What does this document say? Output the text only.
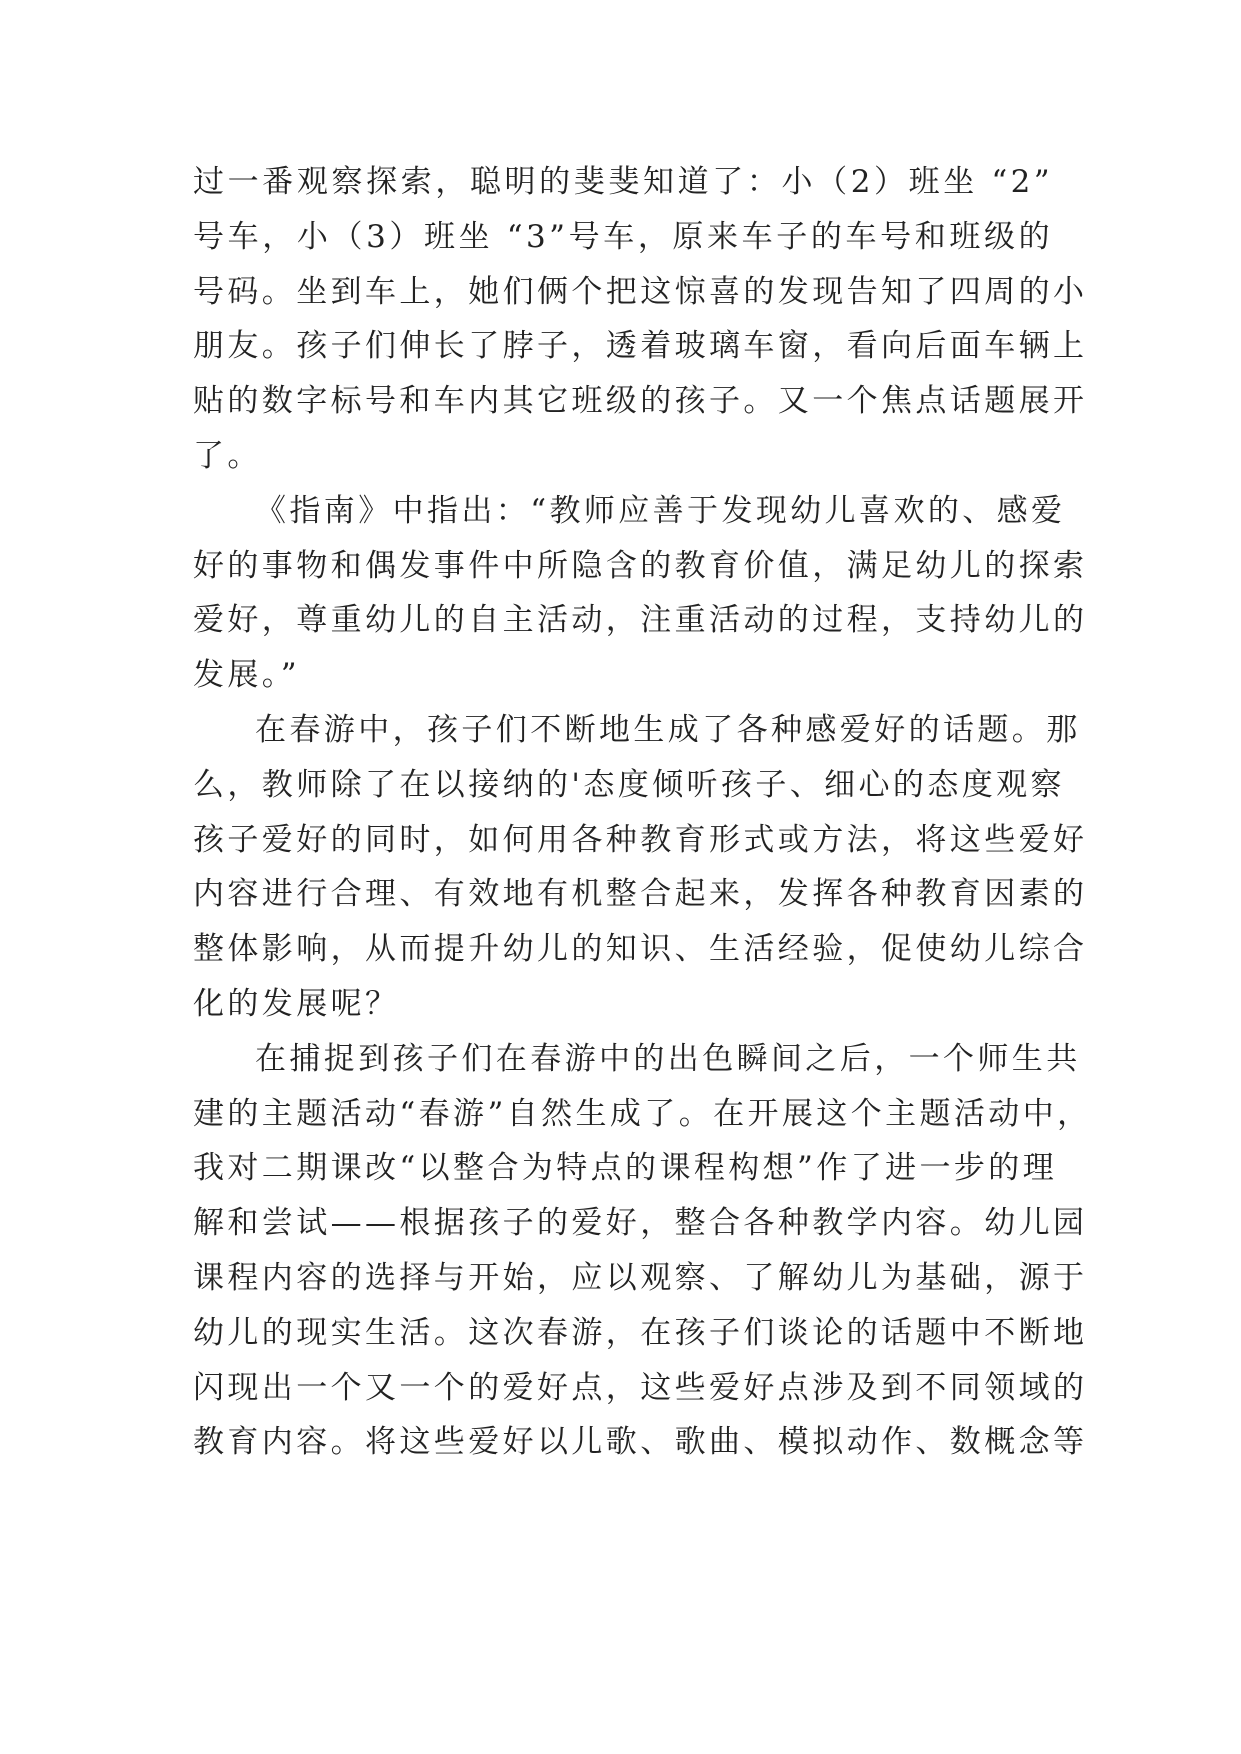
过一番观察探索，聪明的斐斐知道了：小（2）班坐 “2”
号车，小（3）班坐 “3”号车，原来车子的车号和班级的
号码。坐到车上，她们俩个把这惊喜的发现告知了四周的小
朋友。孩子们伸长了脖子，透着玻璃车窗，看向后面车辆上
贴的数字标号和车内其它班级的孩子。又一个焦点话题展开
了。
《指南》中指出：“教师应善于发现幼儿喜欢的、感爱
好的事物和偶发事件中所隐含的教育价值，满足幼儿的探索
爱好，尊重幼儿的自主活动，注重活动的过程，支持幼儿的
发展。”
在春游中，孩子们不断地生成了各种感爱好的话题。那
么，教师除了在以接纳的'态度倾听孩子、细心的态度观察
孩子爱好的同时，如何用各种教育形式或方法，将这些爱好
内容进行合理、有效地有机整合起来，发挥各种教育因素的
整体影响，从而提升幼儿的知识、生活经验，促使幼儿综合
化的发展呢？
在捕捉到孩子们在春游中的出色瞬间之后，一个师生共
建的主题活动“春游”自然生成了。在开展这个主题活动中，
我对二期课改“以整合为特点的课程构想”作了进一步的理
解和尝试——根据孩子的爱好，整合各种教学内容。幼儿园
课程内容的选择与开始，应以观察、了解幼儿为基础，源于
幼儿的现实生活。这次春游，在孩子们谈论的话题中不断地
闪现出一个又一个的爱好点，这些爱好点涉及到不同领域的
教育内容。将这些爱好以儿歌、歌曲、模拟动作、数概念等
